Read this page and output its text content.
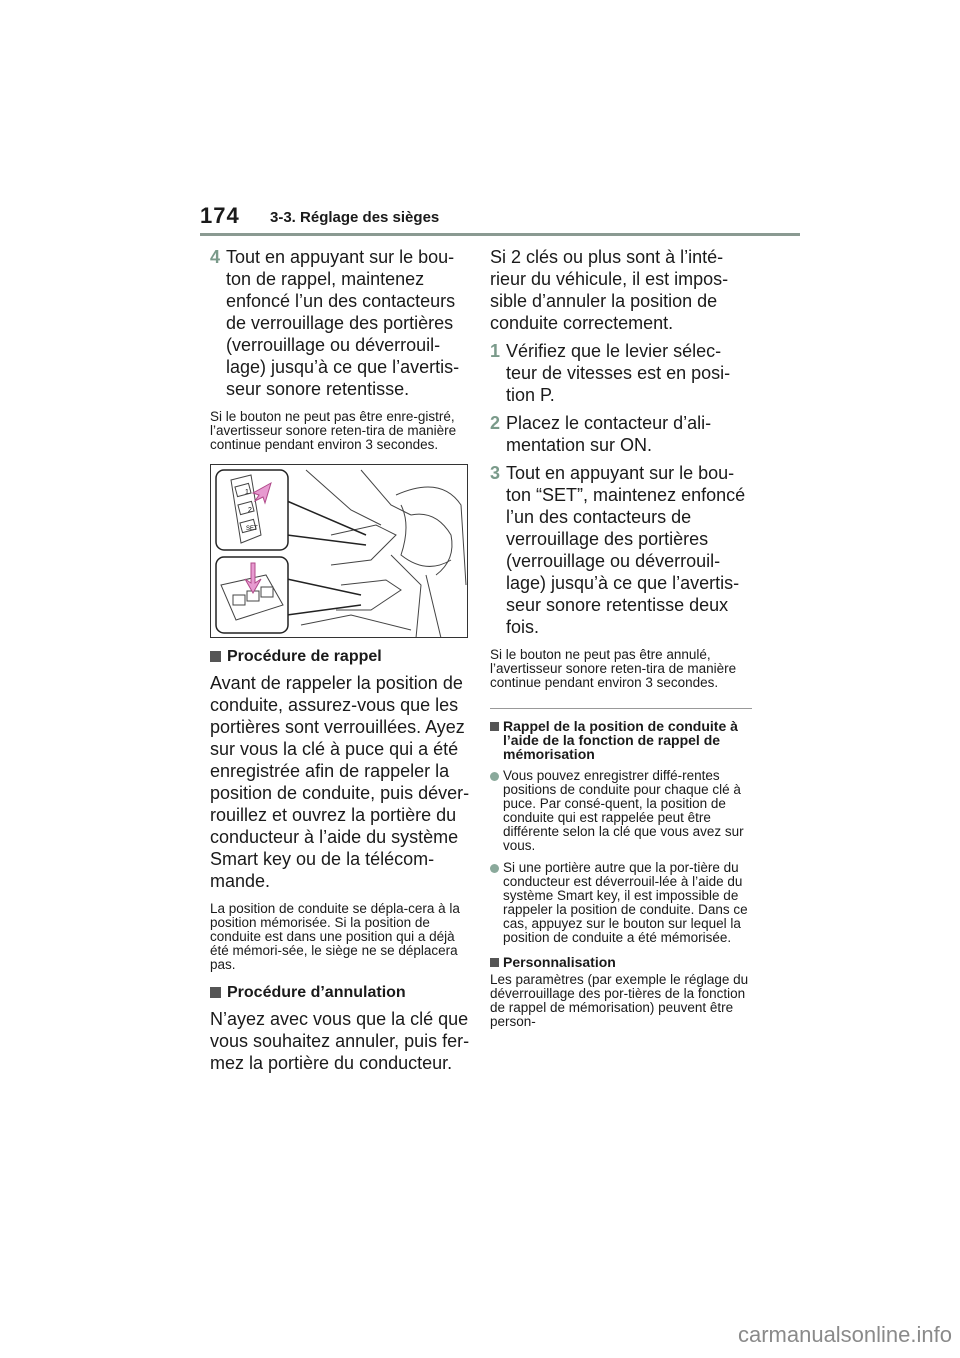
174 3-3. Réglage des sièges
4 Tout en appuyant sur le bou-ton de rappel, maintenez enfoncé l’un des contacteurs de verrouillage des portières (verrouillage ou déverrouil-lage) jusqu’à ce que l’avertis-seur sonore retentisse.
Si le bouton ne peut pas être enre-gistré, l’avertisseur sonore reten-tira de manière continue pendant environ 3 secondes.
1
2
SET
Procédure de rappel
Avant de rappeler la position de conduite, assurez-vous que les portières sont verrouillées. Ayez sur vous la clé à puce qui a été enregistrée afin de rappeler la position de conduite, puis déver-rouillez et ouvrez la portière du conducteur à l’aide du système Smart key ou de la télécom-mande.
La position de conduite se dépla-cera à la position mémorisée. Si la position de conduite est dans une position qui a déjà été mémori-sée, le siège ne se déplacera pas.
Procédure d’annulation
N’ayez avec vous que la clé que vous souhaitez annuler, puis fer-mez la portière du conducteur.
Si 2 clés ou plus sont à l’inté-rieur du véhicule, il est impos-sible d’annuler la position de conduite correctement.
1 Vérifiez que le levier sélec-teur de vitesses est en posi-tion P.
2 Placez le contacteur d’ali-mentation sur ON.
3 Tout en appuyant sur le bou-ton “SET”, maintenez enfoncé l’un des contacteurs de verrouillage des portières (verrouillage ou déverrouil-lage) jusqu’à ce que l’avertis-seur sonore retentisse deux fois.
Si le bouton ne peut pas être annulé, l’avertisseur sonore reten-tira de manière continue pendant environ 3 secondes.
Rappel de la position de conduite à l’aide de la fonction de rappel de mémorisation
Vous pouvez enregistrer diffé-rentes positions de conduite pour chaque clé à puce. Par consé-quent, la position de conduite qui est rappelée peut être différente selon la clé que vous avez sur vous.
Si une portière autre que la por-tière du conducteur est déverrouil-lée à l’aide du système Smart key, il est impossible de rappeler la position de conduite. Dans ce cas, appuyez sur le bouton sur lequel la position de conduite a été mémorisée.
Personnalisation
Les paramètres (par exemple le réglage du déverrouillage des por-tières de la fonction de rappel de mémorisation) peuvent être person-
carmanualsonline.info
